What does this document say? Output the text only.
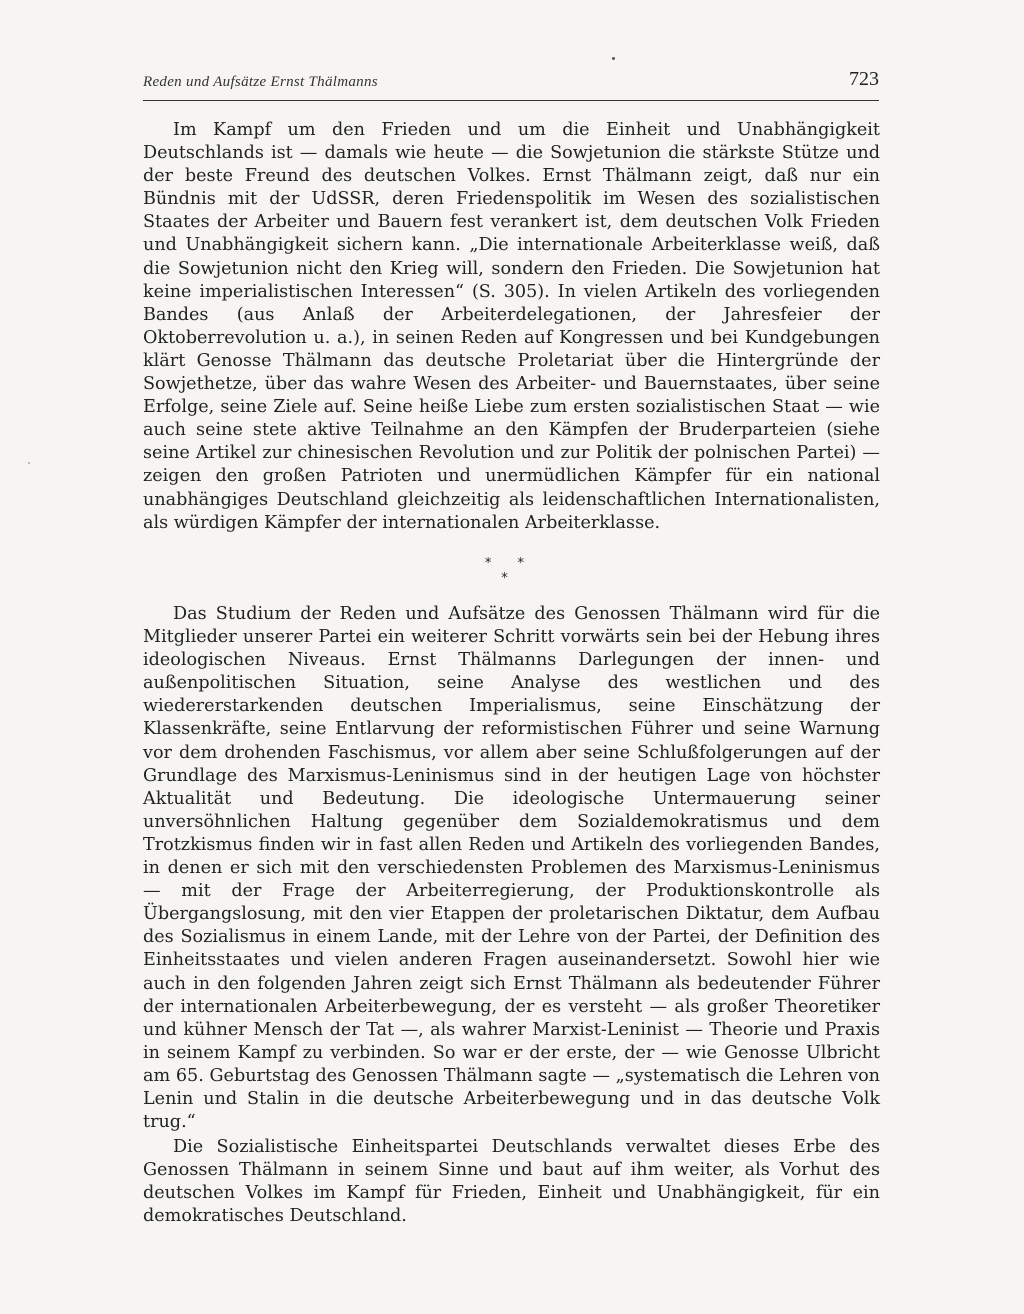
Reden und Aufsätze Ernst Thälmanns	723

Im Kampf um den Frieden und um die Einheit und Unabhängigkeit Deutschlands ist — damals wie heute — die Sowjetunion die stärkste Stütze und der beste Freund des deutschen Volkes. Ernst Thälmann zeigt, daß nur ein Bündnis mit der UdSSR, deren Friedenspolitik im Wesen des sozialistischen Staates der Arbeiter und Bauern fest verankert ist, dem deutschen Volk Frieden und Unabhängigkeit sichern kann. „Die internationale Arbeiterklasse weiß, daß die Sowjetunion nicht den Krieg will, sondern den Frieden. Die Sowjetunion hat keine imperialistischen Interessen“ (S. 305). In vielen Artikeln des vorliegenden Bandes (aus Anlaß der Arbeiterdelegationen, der Jahresfeier der Oktoberrevolution u. a.), in seinen Reden auf Kongressen und bei Kundgebungen klärt Genosse Thälmann das deutsche Proletariat über die Hintergründe der Sowjethetze, über das wahre Wesen des Arbeiter- und Bauernstaates, über seine Erfolge, seine Ziele auf. Seine heiße Liebe zum ersten sozialistischen Staat — wie auch seine stete aktive Teilnahme an den Kämpfen der Bruderparteien (siehe seine Artikel zur chinesischen Revolution und zur Politik der polnischen Partei) — zeigen den großen Patrioten und unermüdlichen Kämpfer für ein national unabhängiges Deutschland gleichzeitig als leidenschaftlichen Internationalisten, als würdigen Kämpfer der internationalen Arbeiterklasse.

* * *

Das Studium der Reden und Aufsätze des Genossen Thälmann wird für die Mitglieder unserer Partei ein weiterer Schritt vorwärts sein bei der Hebung ihres ideologischen Niveaus. Ernst Thälmanns Darlegungen der innen- und außenpolitischen Situation, seine Analyse des westlichen und des wiedererstarkenden deutschen Imperialismus, seine Einschätzung der Klassenkräfte, seine Entlarvung der reformistischen Führer und seine Warnung vor dem drohenden Faschismus, vor allem aber seine Schlußfolgerungen auf der Grundlage des Marxismus-Leninismus sind in der heutigen Lage von höchster Aktualität und Bedeutung. Die ideologische Untermauerung seiner unversöhnlichen Haltung gegenüber dem Sozialdemokratismus und dem Trotzkismus finden wir in fast allen Reden und Artikeln des vorliegenden Bandes, in denen er sich mit den verschiedensten Problemen des Marxismus-Leninismus — mit der Frage der Arbeiterregierung, der Produktionskontrolle als Übergangslosung, mit den vier Etappen der proletarischen Diktatur, dem Aufbau des Sozialismus in einem Lande, mit der Lehre von der Partei, der Definition des Einheitsstaates und vielen anderen Fragen auseinandersetzt. Sowohl hier wie auch in den folgenden Jahren zeigt sich Ernst Thälmann als bedeutender Führer der internationalen Arbeiterbewegung, der es versteht — als großer Theoretiker und kühner Mensch der Tat —, als wahrer Marxist-Leninist — Theorie und Praxis in seinem Kampf zu verbinden. So war er der erste, der — wie Genosse Ulbricht am 65. Geburtstag des Genossen Thälmann sagte — „systematisch die Lehren von Lenin und Stalin in die deutsche Arbeiterbewegung und in das deutsche Volk trug.“

Die Sozialistische Einheitspartei Deutschlands verwaltet dieses Erbe des Genossen Thälmann in seinem Sinne und baut auf ihm weiter, als Vorhut des deutschen Volkes im Kampf für Frieden, Einheit und Unabhängigkeit, für ein demokratisches Deutschland.
